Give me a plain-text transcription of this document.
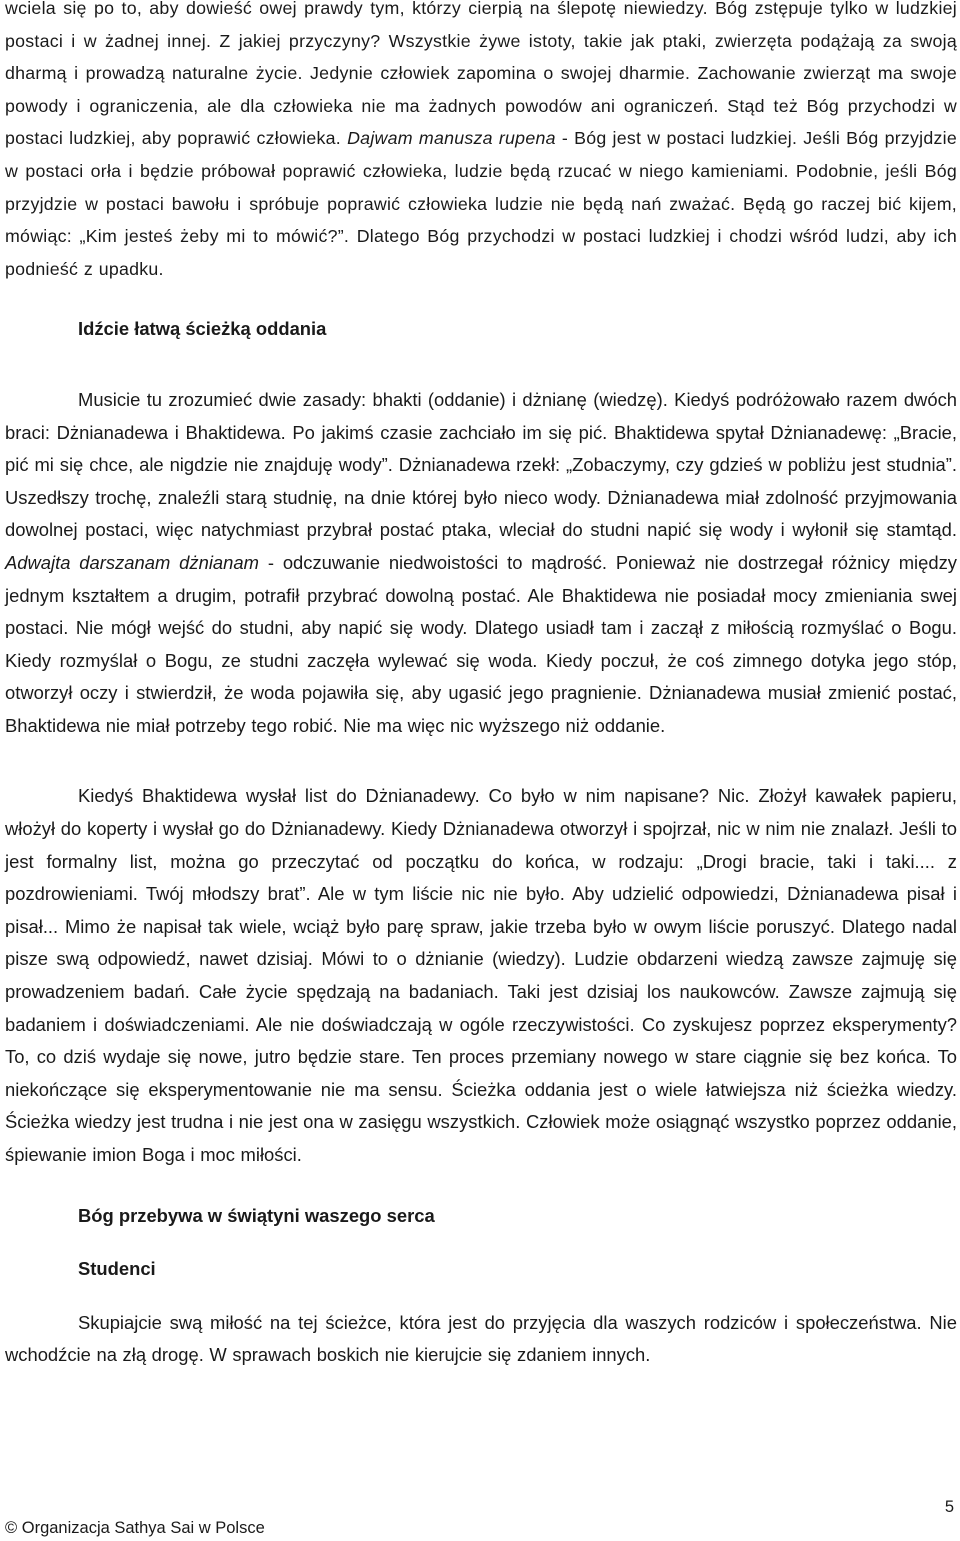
wciela się po to, aby dowieść owej prawdy tym, którzy cierpią na ślepotę niewiedzy. Bóg zstępuje tylko w ludzkiej postaci i w żadnej innej. Z jakiej przyczyny? Wszystkie żywe istoty, takie jak ptaki, zwierzęta podążają za swoją dharmą i prowadzą naturalne życie. Jedynie człowiek zapomina o swojej dharmie. Zachowanie zwierząt ma swoje powody i ograniczenia, ale dla człowieka nie ma żadnych powodów ani ograniczeń. Stąd też Bóg przychodzi w postaci ludzkiej, aby poprawić człowieka. Dajwam manusza rupena - Bóg jest w postaci ludzkiej. Jeśli Bóg przyjdzie w postaci orła i będzie próbował poprawić człowieka, ludzie będą rzucać w niego kamieniami. Podobnie, jeśli Bóg przyjdzie w postaci bawołu i spróbuje poprawić człowieka ludzie nie będą nań zważać. Będą go raczej bić kijem, mówiąc: „Kim jesteś żeby mi to mówić?”. Dlatego Bóg przychodzi w postaci ludzkiej i chodzi wśród ludzi, aby ich podnieść z upadku.

Idźcie łatwą ścieżką oddania

Musicie tu zrozumieć dwie zasady: bhakti (oddanie) i dżnianę (wiedzę). Kiedyś podróżowało razem dwóch braci: Dżnianadewa i Bhaktidewa. Po jakimś czasie zachciało im się pić. Bhaktidewa spytał Dżnianadewę: „Bracie, pić mi się chce, ale nigdzie nie znajduję wody”. Dżnianadewa rzekł: „Zobaczymy, czy gdzieś w pobliżu jest studnia”. Uszedłszy trochę, znaleźli starą studnię, na dnie której było nieco wody. Dżnianadewa miał zdolność przyjmowania dowolnej postaci, więc natychmiast przybrał postać ptaka, wleciał do studni napić się wody i wyłonił się stamtąd. Adwajta darszanam dżnianam - odczuwanie niedwoistości to mądrość. Ponieważ nie dostrzegał różnicy między jednym kształtem a drugim, potrafił przybrać dowolną postać. Ale Bhaktidewa nie posiadał mocy zmieniania swej postaci. Nie mógł wejść do studni, aby napić się wody. Dlatego usiadł tam i zaczął z miłością rozmyślać o Bogu. Kiedy rozmyślał o Bogu, ze studni zaczęła wylewać się woda. Kiedy poczuł, że coś zimnego dotyka jego stóp, otworzył oczy i stwierdził, że woda pojawiła się, aby ugasić jego pragnienie. Dżnianadewa musiał zmienić postać, Bhaktidewa nie miał potrzeby tego robić. Nie ma więc nic wyższego niż oddanie.

Kiedyś Bhaktidewa wysłał list do Dżnianadewy. Co było w nim napisane? Nic. Złożył kawałek papieru, włożył do koperty i wysłał go do Dżnianadewy. Kiedy Dżnianadewa otworzył i spojrzał, nic w nim nie znalazł. Jeśli to jest formalny list, można go przeczytać od początku do końca, w rodzaju: „Drogi bracie, taki i taki.... z pozdrowieniami. Twój młodszy brat”. Ale w tym liście nic nie było. Aby udzielić odpowiedzi, Dżnianadewa pisał i pisał... Mimo że napisał tak wiele, wciąż było parę spraw, jakie trzeba było w owym liście poruszyć. Dlatego nadal pisze swą odpowiedź, nawet dzisiaj. Mówi to o dżnianie (wiedzy). Ludzie obdarzeni wiedzą zawsze zajmuję się prowadzeniem badań. Całe życie spędzają na badaniach. Taki jest dzisiaj los naukowców. Zawsze zajmują się badaniem i doświadczeniami. Ale nie doświadczają w ogóle rzeczywistości. Co zyskujesz poprzez eksperymenty? To, co dziś wydaje się nowe, jutro będzie stare. Ten proces przemiany nowego w stare ciągnie się bez końca. To niekończące się eksperymentowanie nie ma sensu. Ścieżka oddania jest o wiele łatwiejsza niż ścieżka wiedzy. Ścieżka wiedzy jest trudna i nie jest ona w zasięgu wszystkich. Człowiek może osiągnąć wszystko poprzez oddanie, śpiewanie imion Boga i moc miłości.

Bóg przebywa w świątyni waszego serca
Studenci

Skupiajcie swą miłość na tej ścieżce, która jest do przyjęcia dla waszych rodziców i społeczeństwa. Nie wchodźcie na złą drogę. W sprawach boskich nie kierujcie się zdaniem innych.

5
© Organizacja Sathya Sai w Polsce
